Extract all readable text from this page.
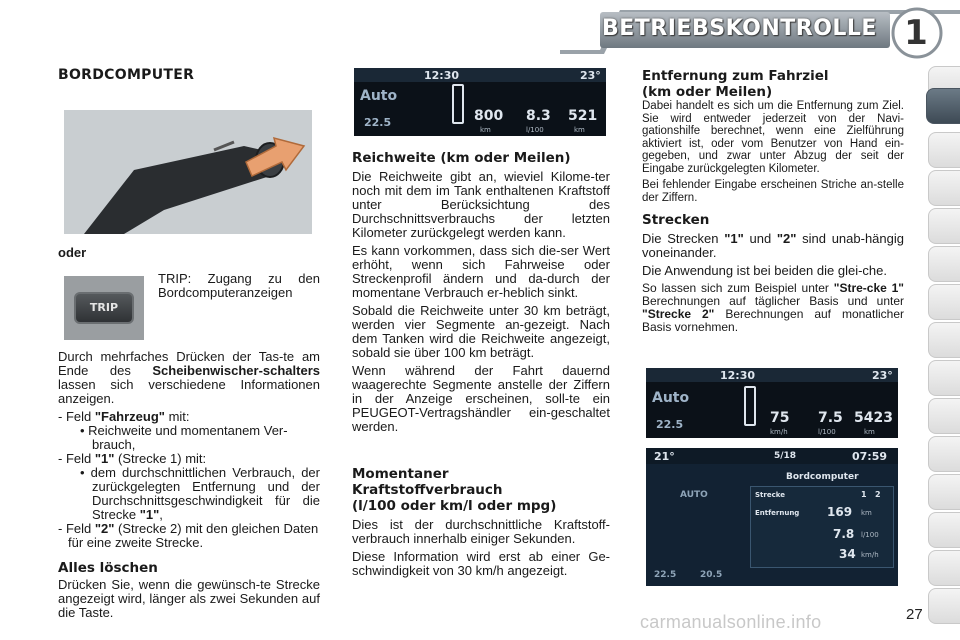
BETRIEBSKONTROLLE 1
BORDCOMPUTER
oder
TRIP
TRIP: Zugang zu den Bordcomputeranzeigen

Durch mehrfaches Drücken der Tas-te am Ende des Scheibenwischer-schalters lassen sich verschiedene Informationen anzeigen.

- Feld "Fahrzeug" mit:

• Reichweite und momentanem Ver-brauch,

- Feld "1" (Strecke 1) mit:

• dem durchschnittlichen Verbrauch, der zurückgelegten Entfernung und der Durchschnittsgeschwindigkeit für die Strecke "1",

- Feld "2" (Strecke 2) mit den gleichen Daten für eine zweite Strecke.

Alles löschen
Drücken Sie, wenn die gewünsch-te Strecke angezeigt wird, länger als zwei Sekunden auf die Taste.
12:30	23°
Auto
22.5	800
km
8.3
l/100
521
km
Reichweite (km oder Meilen)

Die Reichweite gibt an, wieviel Kilome-ter noch mit dem im Tank enthaltenen Kraftstoff unter Berücksichtung des Durchschnittsverbrauchs der letzten Kilometer zurückgelegt werden kann.

Es kann vorkommen, dass sich die-ser Wert erhöht, wenn sich Fahrweise oder Streckenprofil ändern und da-durch der momentane Verbrauch er-heblich sinkt.

Sobald die Reichweite unter 30 km beträgt, werden vier Segmente an-gezeigt. Nach dem Tanken wird die Reichweite angezeigt, sobald sie über 100 km beträgt.

Wenn während der Fahrt dauernd waagerechte Segmente anstelle der Ziffern in der Anzeige erscheinen, soll-te ein PEUGEOT-Vertragshändler ein-geschaltet werden.

Momentaner
Kraftstoffverbrauch
(l/100 oder km/l oder mpg)

Dies ist der durchschnittliche Kraftstoff-verbrauch innerhalb einiger Sekunden.

Diese Information wird erst ab einer Ge-schwindigkeit von 30 km/h angezeigt.

Entfernung zum Fahrziel
(km oder Meilen)

Dabei handelt es sich um die Entfernung zum Ziel. Sie wird entweder jederzeit von der Navi-gationshilfe berechnet, wenn eine Zielführung aktiviert ist, oder vom Benutzer von Hand ein-gegeben, und zwar unter Abzug der seit der Eingabe zurückgelegten Kilometer.

Bei fehlender Eingabe erscheinen Striche an-stelle der Ziffern.

Strecken

Die Strecken "1" und "2" sind unab-hängig voneinander.

Die Anwendung ist bei beiden die glei-che.

So lassen sich zum Beispiel unter "Stre-cke 1" Berechnungen auf täglicher Basis und unter "Strecke 2" Berechnungen auf monatlicher Basis vornehmen.

12:30	23°
Auto
22.5	75
km/h
7.5
l/100
5423
km
21°	5/18	07:59
Bordcomputer
AUTO	Strecke	1 2
Entfernung 169 km
7.8 l/100
34 km/h
22.5	20.5
carmanualsonline.info	27
